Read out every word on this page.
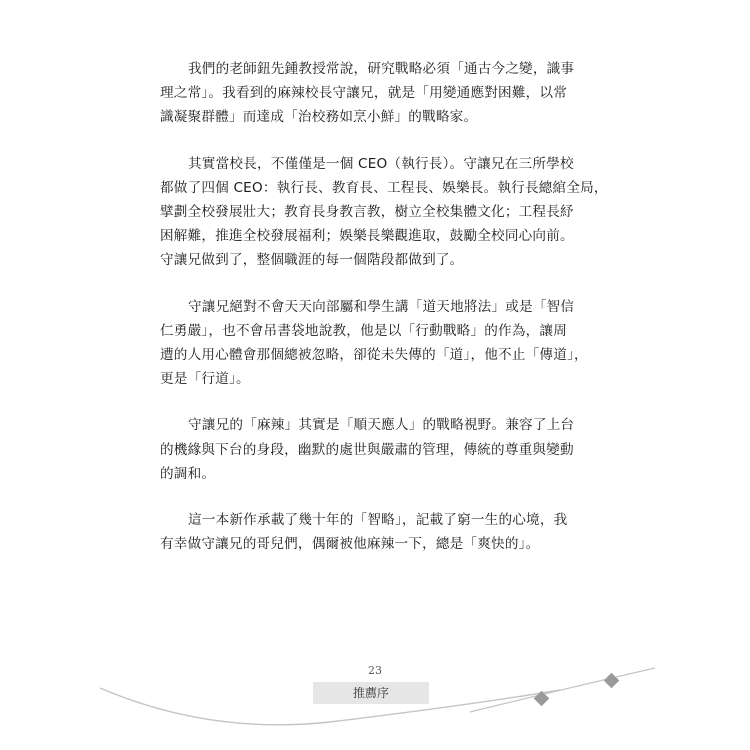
我們的老師鈕先鍾教授常說，研究戰略必須「通古今之變，識事
理之常」。我看到的麻辣校長守讓兄，就是「用變通應對困難，以常
識凝聚群體」而達成「治校務如烹小鮮」的戰略家。

其實當校長，不僅僅是一個 CEO（執行長）。守讓兄在三所學校
都做了四個 CEO：執行長、教育長、工程長、娛樂長。執行長總綰全局，
擘劃全校發展壯大；教育長身教言教，樹立全校集體文化；工程長紓
困解難，推進全校發展福利；娛樂長樂觀進取，鼓勵全校同心向前。
守讓兄做到了，整個職涯的每一個階段都做到了。

守讓兄絕對不會天天向部屬和學生講「道天地將法」或是「智信
仁勇嚴」，也不會吊書袋地說教，他是以「行動戰略」的作為，讓周
遭的人用心體會那個總被忽略，卻從未失傳的「道」，他不止「傳道」，
更是「行道」。

守讓兄的「麻辣」其實是「順天應人」的戰略視野。兼容了上台
的機緣與下台的身段，幽默的處世與嚴肅的管理，傳統的尊重與變動
的調和。

這一本新作承載了幾十年的「智略」，記載了窮一生的心境，我
有幸做守讓兄的哥兒們，偶爾被他麻辣一下，總是「爽快的」。

23
推薦序
